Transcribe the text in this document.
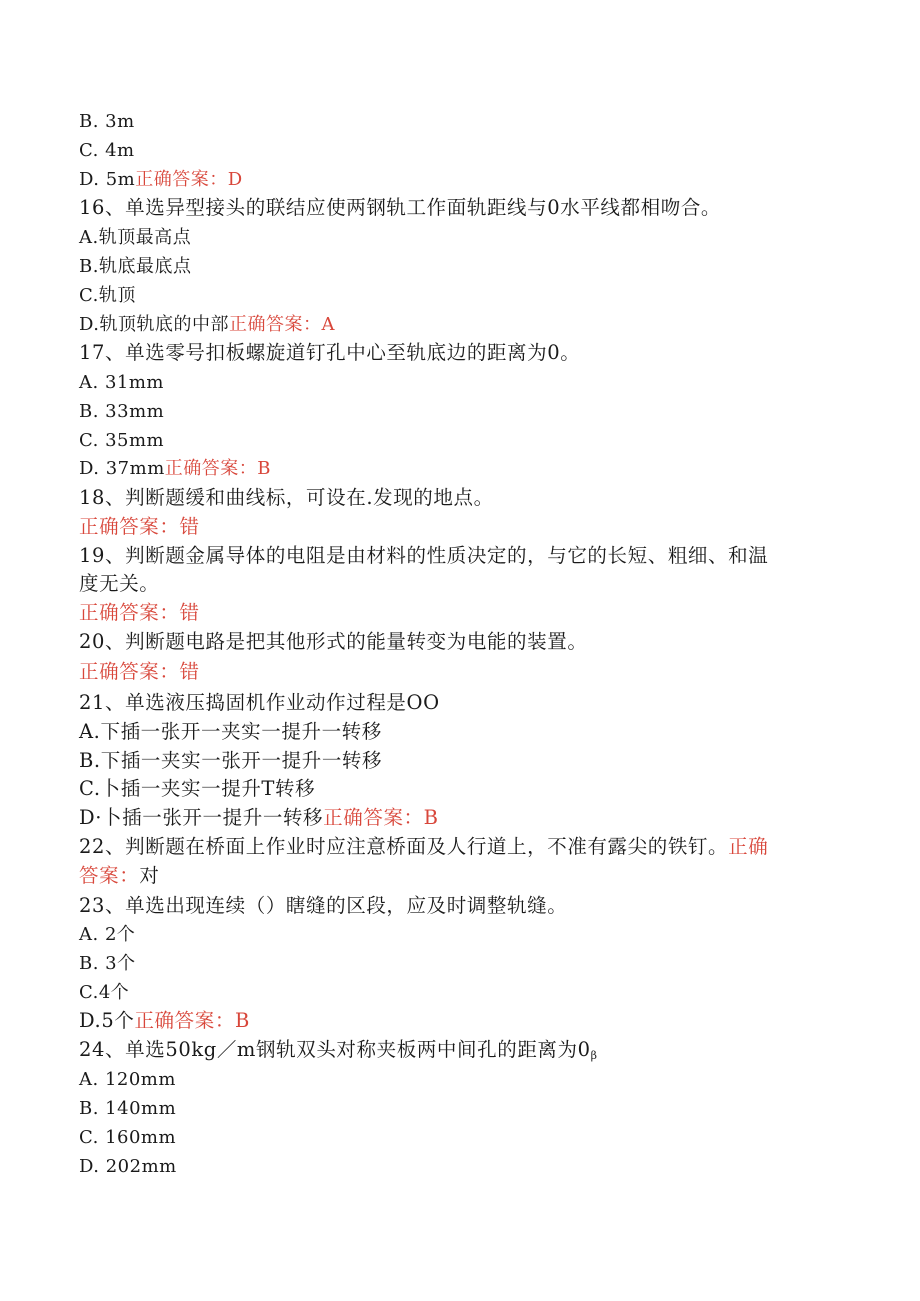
B. 3m
C. 4m
D. 5m正确答案：D
16、单选异型接头的联结应使两钢轨工作面轨距线与0水平线都相吻合。
A.轨顶最高点
B.轨底最底点
C.轨顶
D.轨顶轨底的中部正确答案：A
17、单选零号扣板螺旋道钉孔中心至轨底边的距离为0。
A. 31mm
B. 33mm
C. 35mm
D. 37mm正确答案：B
18、判断题缓和曲线标，可设在.发现的地点。
正确答案：错
19、判断题金属导体的电阻是由材料的性质决定的，与它的长短、粗细、和温
度无关。
正确答案：错
20、判断题电路是把其他形式的能量转变为电能的装置。
正确答案：错
21、单选液压捣固机作业动作过程是OO
A.下插一张开一夹实一提升一转移
B.下插一夹实一张开一提升一转移
C.卜插一夹实一提升T转移
D·卜插一张开一提升一转移正确答案：B
22、判断题在桥面上作业时应注意桥面及人行道上，不准有露尖的铁钉。正确
答案：对
23、单选出现连续（）瞎缝的区段，应及时调整轨缝。
A. 2个
B. 3个
C.4个
D.5个正确答案：B
24、单选50kg／m钢轨双头对称夹板两中间孔的距离为$0_\beta$
A. 120mm
B. 140mm
C. 160mm
D. 202mm
